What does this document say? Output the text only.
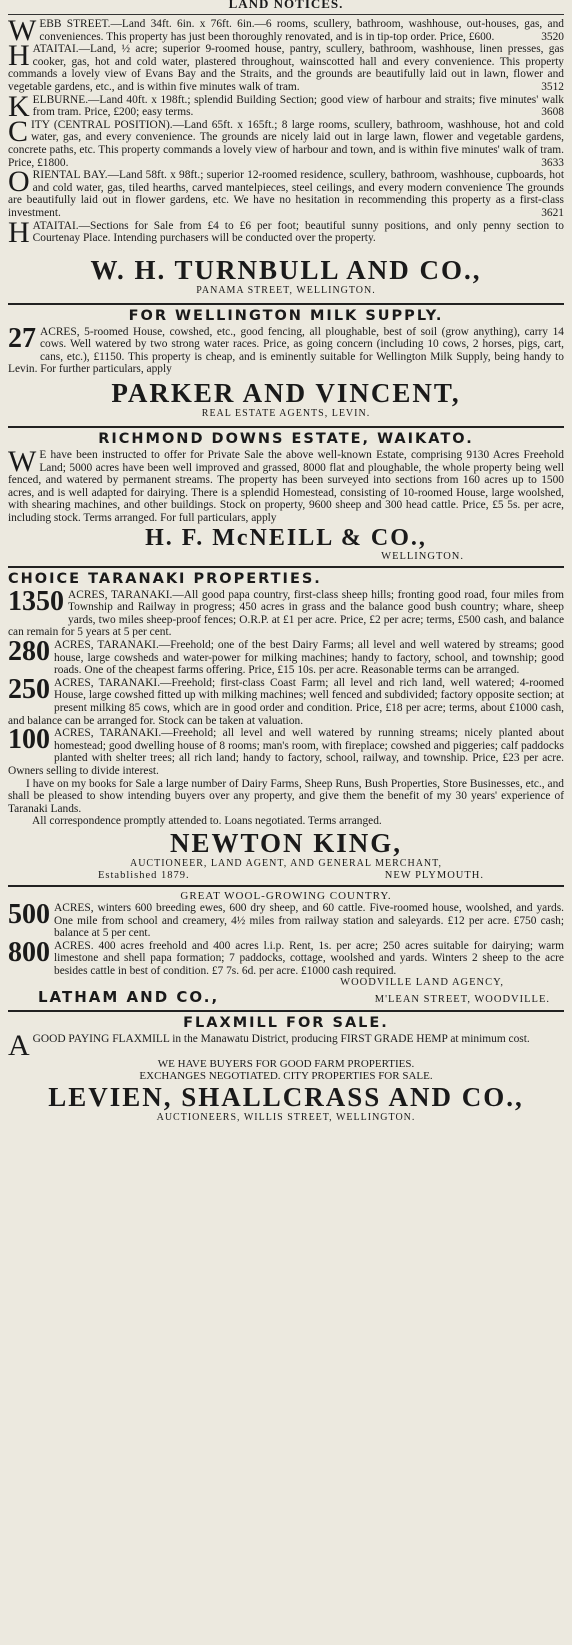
LAND NOTICES.

WEBB STREET.—Land 34ft. 6in. x 76ft. 6in.—6 rooms, scullery, bathroom, washhouse, out-houses, gas, and conveniences. This property has just been thoroughly renovated, and is in tip-top order. Price, £600.	3520

HATAITAI.—Land, ½ acre; superior 9-roomed house, pantry, scullery, bathroom, washhouse, linen presses, gas cooker, gas, hot and cold water, plastered throughout, wainscotted hall and every convenience. This property commands a lovely view of Evans Bay and the Straits, and the grounds are beautifully laid out in lawn, flower and vegetable gardens, etc., and is within five minutes walk of tram.	3512

KELBURNE.—Land 40ft. x 198ft.; splendid Building Section; good view of harbour and straits; five minutes' walk from tram. Price, £200; easy terms.	3608

CITY (CENTRAL POSITION).—Land 65ft. x 165ft.; 8 large rooms, scullery, bathroom, washhouse, hot and cold water, gas, and every convenience. The grounds are nicely laid out in large lawn, flower and vegetable gardens, concrete paths, etc. This property commands a lovely view of harbour and town, and is within five minutes' walk of tram. Price, £1800.	3633

ORIENTAL BAY.—Land 58ft. x 98ft.; superior 12-roomed residence, scullery, bathroom, washhouse, cupboards, hot and cold water, gas, tiled hearths, carved mantelpieces, steel ceilings, and every modern convenience The grounds are beautifully laid out in flower gardens, etc. We have no hesitation in recommending this property as a first-class investment.	3621

HATAITAI.—Sections for Sale from £4 to £6 per foot; beautiful sunny positions, and only penny section to Courtenay Place. Intending purchasers will be conducted over the property.

W. H. TURNBULL AND CO.,
PANAMA STREET, WELLINGTON.
FOR WELLINGTON MILK SUPPLY.

27 ACRES, 5-roomed House, cowshed, etc., good fencing, all ploughable, best of soil (grow anything), carry 14 cows. Well watered by two strong water races. Price, as going concern (including 10 cows, 2 horses, pigs, cart, cans, etc.), £1150. This property is cheap, and is eminently suitable for Wellington Milk Supply, being handy to Levin. For further particulars, apply

PARKER AND VINCENT,
REAL ESTATE AGENTS, LEVIN.
RICHMOND DOWNS ESTATE, WAIKATO.

W E have been instructed to offer for Private Sale the above well-known Estate, comprising 9130 Acres Freehold Land; 5000 acres have been well improved and grassed, 8000 flat and ploughable, the whole property being well fenced, and watered by permanent streams. The property has been surveyed into sections from 160 acres up to 1500 acres, and is well adapted for dairying. There is a splendid Homestead, consisting of 10-roomed House, large woolshed, with shearing machines, and other buildings. Stock on property, 9600 sheep and 300 head cattle. Price, £5 5s. per acre, including stock. Terms arranged. For full particulars, apply

H. F. McNEILL & CO.,
WELLINGTON.
CHOICE TARANAKI PROPERTIES.

1350 ACRES, TARANAKI.—All good papa country, first-class sheep hills; fronting good road, four miles from Township and Railway in progress; 450 acres in grass and the balance good bush country; whare, sheep yards, two miles sheep-proof fences; O.R.P. at £1 per acre. Price, £2 per acre; terms, £500 cash, and balance can remain for 5 years at 5 per cent.

280 ACRES, TARANAKI.—Freehold; one of the best Dairy Farms; all level and well watered by streams; good house, large cowsheds and water-power for milking machines; handy to factory, school, and township; good roads. One of the cheapest farms offering. Price, £15 10s. per acre. Reasonable terms can be arranged.

250 ACRES, TARANAKI.—Freehold; first-class Coast Farm; all level and rich land, well watered; 4-roomed House, large cowshed fitted up with milking machines; well fenced and subdivided; factory opposite section; at present milking 85 cows, which are in good order and condition. Price, £18 per acre; terms, about £1000 cash, and balance can be arranged for. Stock can be taken at valuation.

100 ACRES, TARANAKI.—Freehold; all level and well watered by running streams; nicely planted about homestead; good dwelling house of 8 rooms; man's room, with fireplace; cowshed and piggeries; calf paddocks planted with shelter trees; all rich land; handy to factory, school, railway, and township. Price, £23 per acre. Owners selling to divide interest.

I have on my books for Sale a large number of Dairy Farms, Sheep Runs, Bush Properties, Store Businesses, etc., and shall be pleased to show intending buyers over any property, and give them the benefit of my 30 years' experience of Taranaki Lands.

All correspondence promptly attended to. Loans negotiated. Terms arranged.
NEWTON KING,
AUCTIONEER, LAND AGENT, AND GENERAL MERCHANT,
Established 1879.	NEW PLYMOUTH.
GREAT WOOL-GROWING COUNTRY.

500 ACRES, winters 600 breeding ewes, 600 dry sheep, and 60 cattle. Five-roomed house, woolshed, and yards. One mile from school and creamery, 4½ miles from railway station and saleyards. £12 per acre. £750 cash; balance at 5 per cent.

800 ACRES. 400 acres freehold and 400 acres l.i.p. Rent, 1s. per acre; 250 acres suitable for dairying; warm limestone and shell papa formation; 7 paddocks, cottage, woolshed and yards. Winters 2 sheep to the acre besides cattle in best of condition. £7 7s. 6d. per acre. £1000 cash required.

WOODVILLE LAND AGENCY,
LATHAM AND CO.,	M'LEAN STREET, WOODVILLE.
FLAXMILL FOR SALE.

AGOOD PAYING FLAXMILL in the Manawatu District, producing FIRST GRADE HEMP at minimum cost.

WE HAVE BUYERS FOR GOOD FARM PROPERTIES.
EXCHANGES NEGOTIATED. CITY PROPERTIES FOR SALE.
LEVIEN, SHALLCRASS AND CO.,
AUCTIONEERS, WILLIS STREET, WELLINGTON.
